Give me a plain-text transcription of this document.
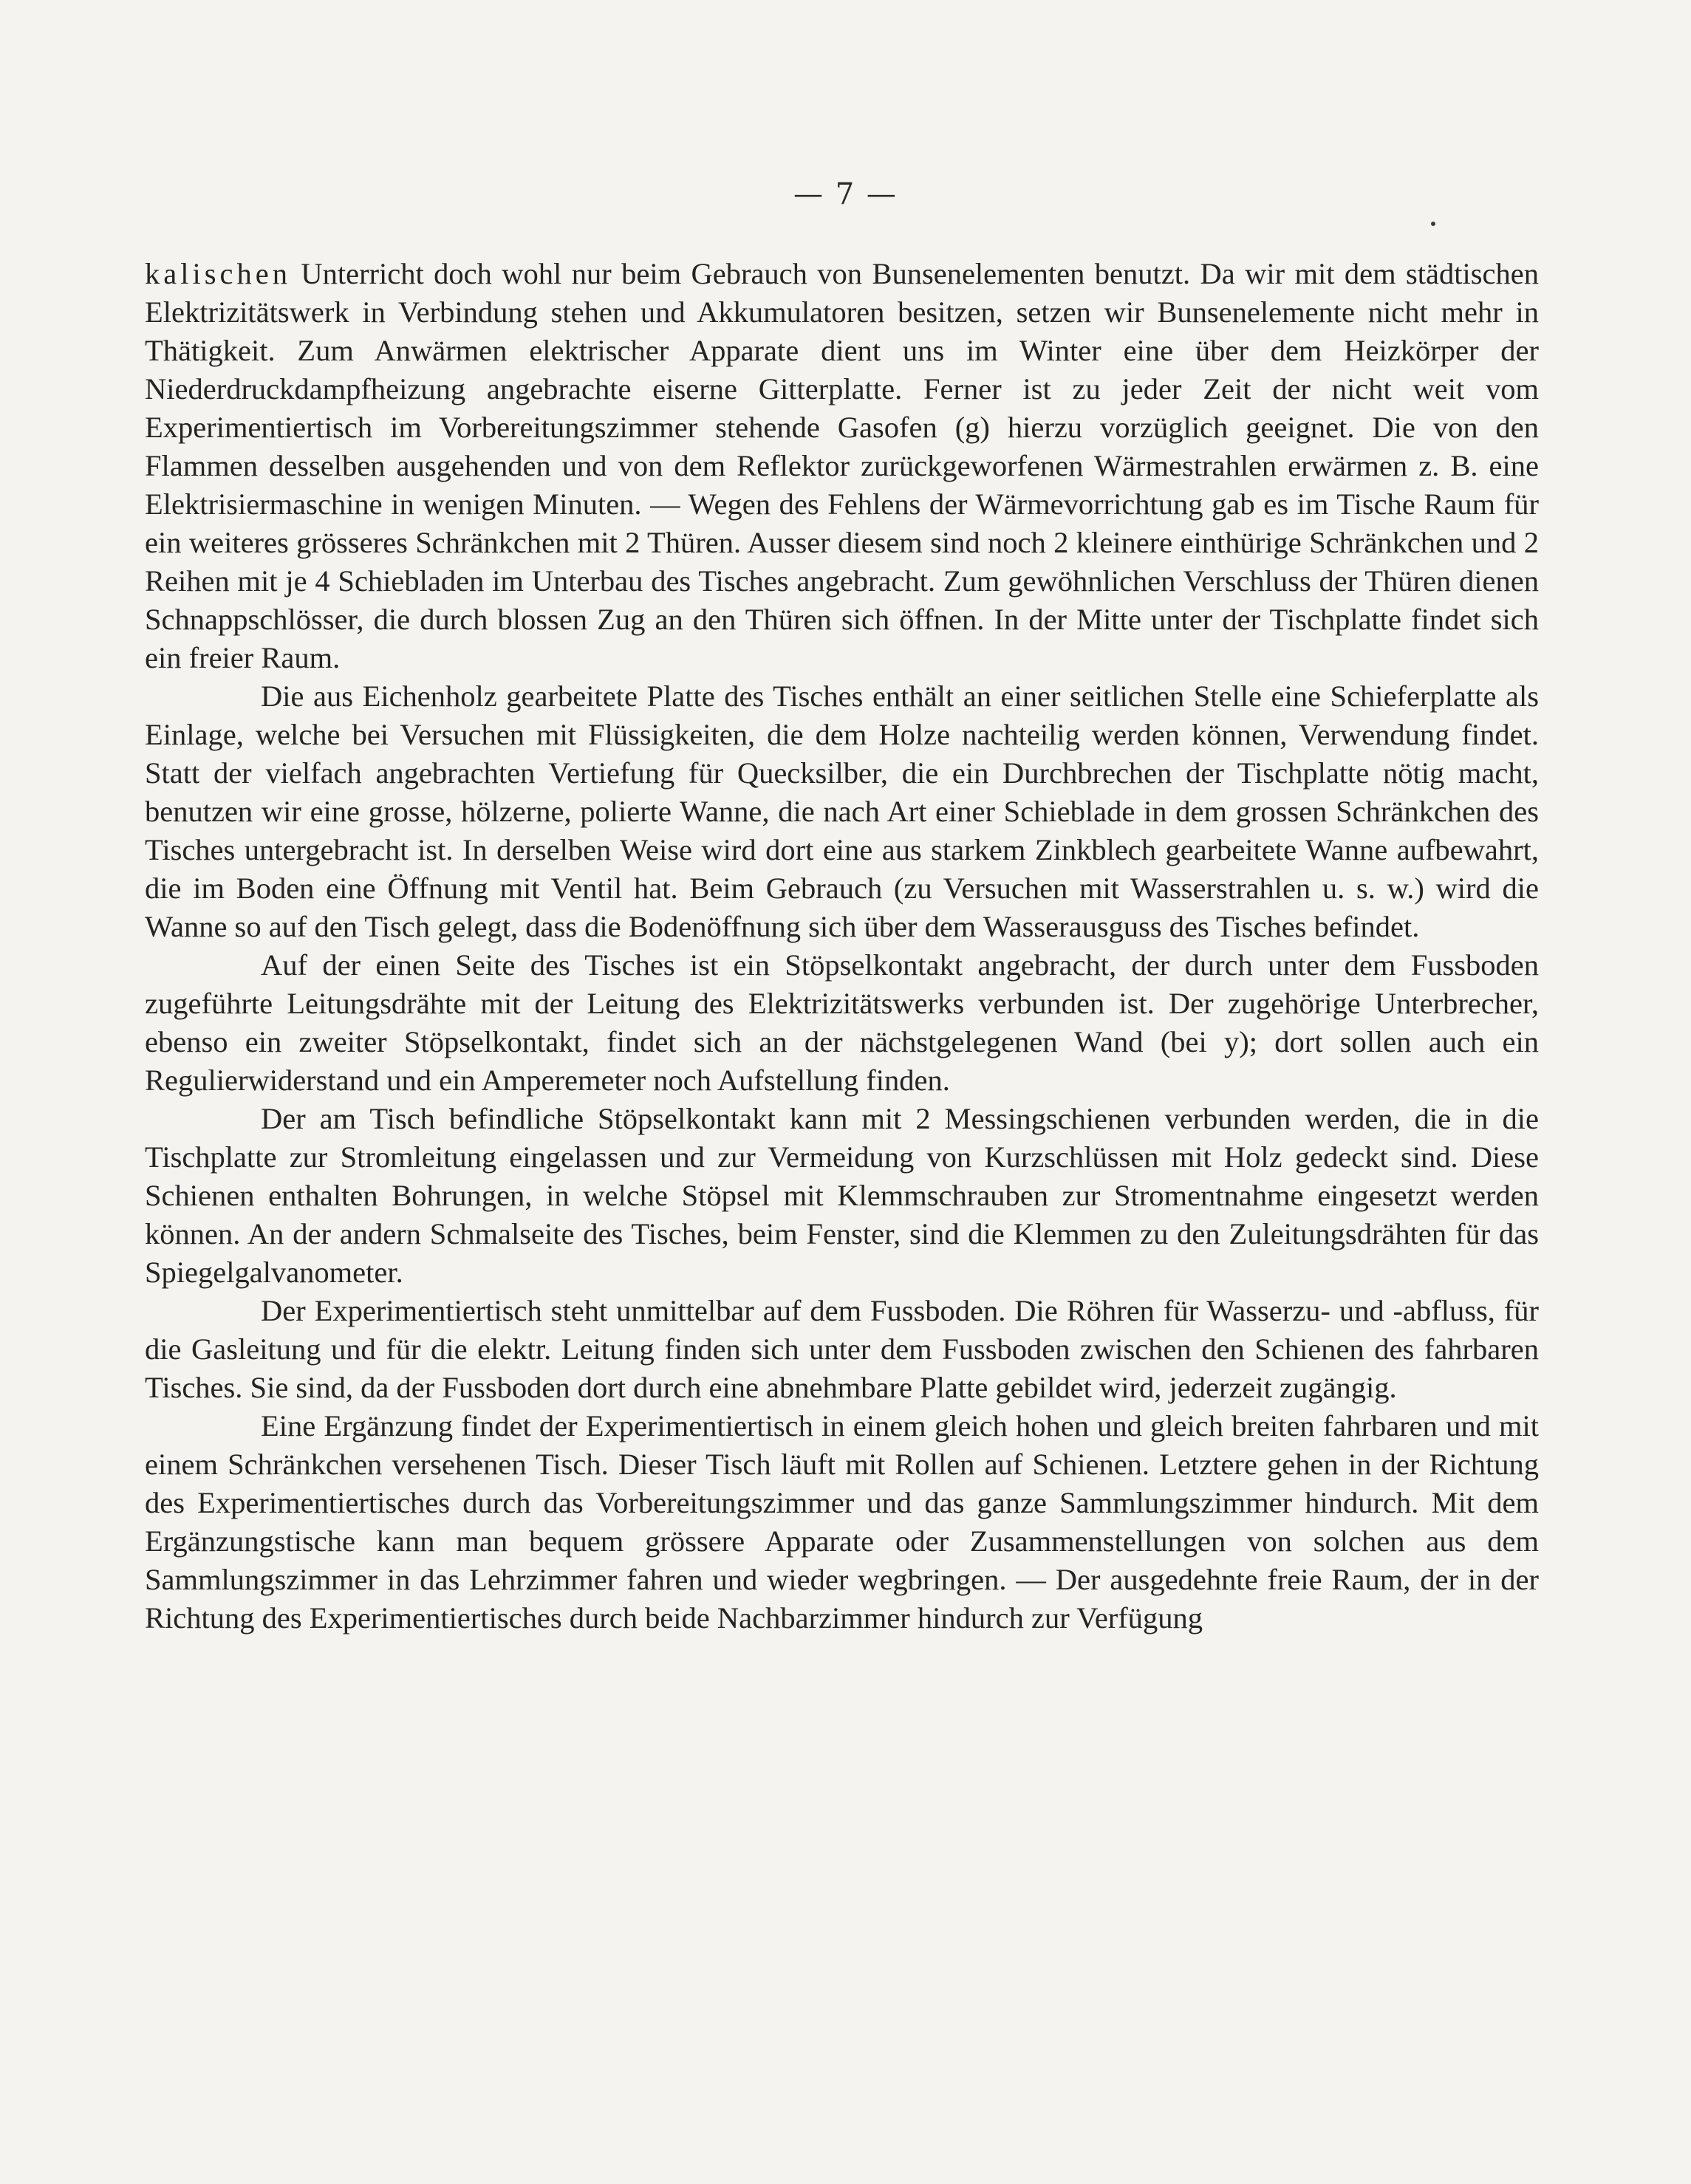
— 7 —

kalischen Unterricht doch wohl nur beim Gebrauch von Bunsenelementen benutzt. Da wir mit dem städtischen Elektrizitätswerk in Verbindung stehen und Akkumulatoren besitzen, setzen wir Bunsenelemente nicht mehr in Thätigkeit. Zum Anwärmen elektrischer Apparate dient uns im Winter eine über dem Heizkörper der Niederdruckdampfheizung angebrachte eiserne Gitterplatte. Ferner ist zu jeder Zeit der nicht weit vom Experimentiertisch im Vorbereitungszimmer stehende Gasofen (g) hierzu vorzüglich geeignet. Die von den Flammen desselben ausgehenden und von dem Reflektor zurückgeworfenen Wärmestrahlen erwärmen z. B. eine Elektrisiermaschine in wenigen Minuten. — Wegen des Fehlens der Wärmevorrichtung gab es im Tische Raum für ein weiteres grösseres Schränkchen mit 2 Thüren. Ausser diesem sind noch 2 kleinere einthürige Schränkchen und 2 Reihen mit je 4 Schiebladen im Unterbau des Tisches angebracht. Zum gewöhnlichen Verschluss der Thüren dienen Schnappschlösser, die durch blossen Zug an den Thüren sich öffnen. In der Mitte unter der Tischplatte findet sich ein freier Raum.

Die aus Eichenholz gearbeitete Platte des Tisches enthält an einer seitlichen Stelle eine Schieferplatte als Einlage, welche bei Versuchen mit Flüssigkeiten, die dem Holze nachteilig werden können, Verwendung findet. Statt der vielfach angebrachten Vertiefung für Quecksilber, die ein Durchbrechen der Tischplatte nötig macht, benutzen wir eine grosse, hölzerne, polierte Wanne, die nach Art einer Schieblade in dem grossen Schränkchen des Tisches untergebracht ist. In derselben Weise wird dort eine aus starkem Zinkblech gearbeitete Wanne aufbewahrt, die im Boden eine Öffnung mit Ventil hat. Beim Gebrauch (zu Versuchen mit Wasserstrahlen u. s. w.) wird die Wanne so auf den Tisch gelegt, dass die Bodenöffnung sich über dem Wasserausguss des Tisches befindet.

Auf der einen Seite des Tisches ist ein Stöpselkontakt angebracht, der durch unter dem Fussboden zugeführte Leitungsdrähte mit der Leitung des Elektrizitätswerks verbunden ist. Der zugehörige Unterbrecher, ebenso ein zweiter Stöpselkontakt, findet sich an der nächstgelegenen Wand (bei y); dort sollen auch ein Regulierwiderstand und ein Amperemeter noch Aufstellung finden.

Der am Tisch befindliche Stöpselkontakt kann mit 2 Messingschienen verbunden werden, die in die Tischplatte zur Stromleitung eingelassen und zur Vermeidung von Kurzschlüssen mit Holz gedeckt sind. Diese Schienen enthalten Bohrungen, in welche Stöpsel mit Klemmschrauben zur Stromentnahme eingesetzt werden können. An der andern Schmalseite des Tisches, beim Fenster, sind die Klemmen zu den Zuleitungsdrähten für das Spiegelgalvanometer.

Der Experimentiertisch steht unmittelbar auf dem Fussboden. Die Röhren für Wasserzu- und -abfluss, für die Gasleitung und für die elektr. Leitung finden sich unter dem Fussboden zwischen den Schienen des fahrbaren Tisches. Sie sind, da der Fussboden dort durch eine abnehmbare Platte gebildet wird, jederzeit zugängig.

Eine Ergänzung findet der Experimentiertisch in einem gleich hohen und gleich breiten fahrbaren und mit einem Schränkchen versehenen Tisch. Dieser Tisch läuft mit Rollen auf Schienen. Letztere gehen in der Richtung des Experimentiertisches durch das Vorbereitungszimmer und das ganze Sammlungszimmer hindurch. Mit dem Ergänzungstische kann man bequem grössere Apparate oder Zusammenstellungen von solchen aus dem Sammlungszimmer in das Lehrzimmer fahren und wieder wegbringen. — Der ausgedehnte freie Raum, der in der Richtung des Experimentiertisches durch beide Nachbarzimmer hindurch zur Verfügung
